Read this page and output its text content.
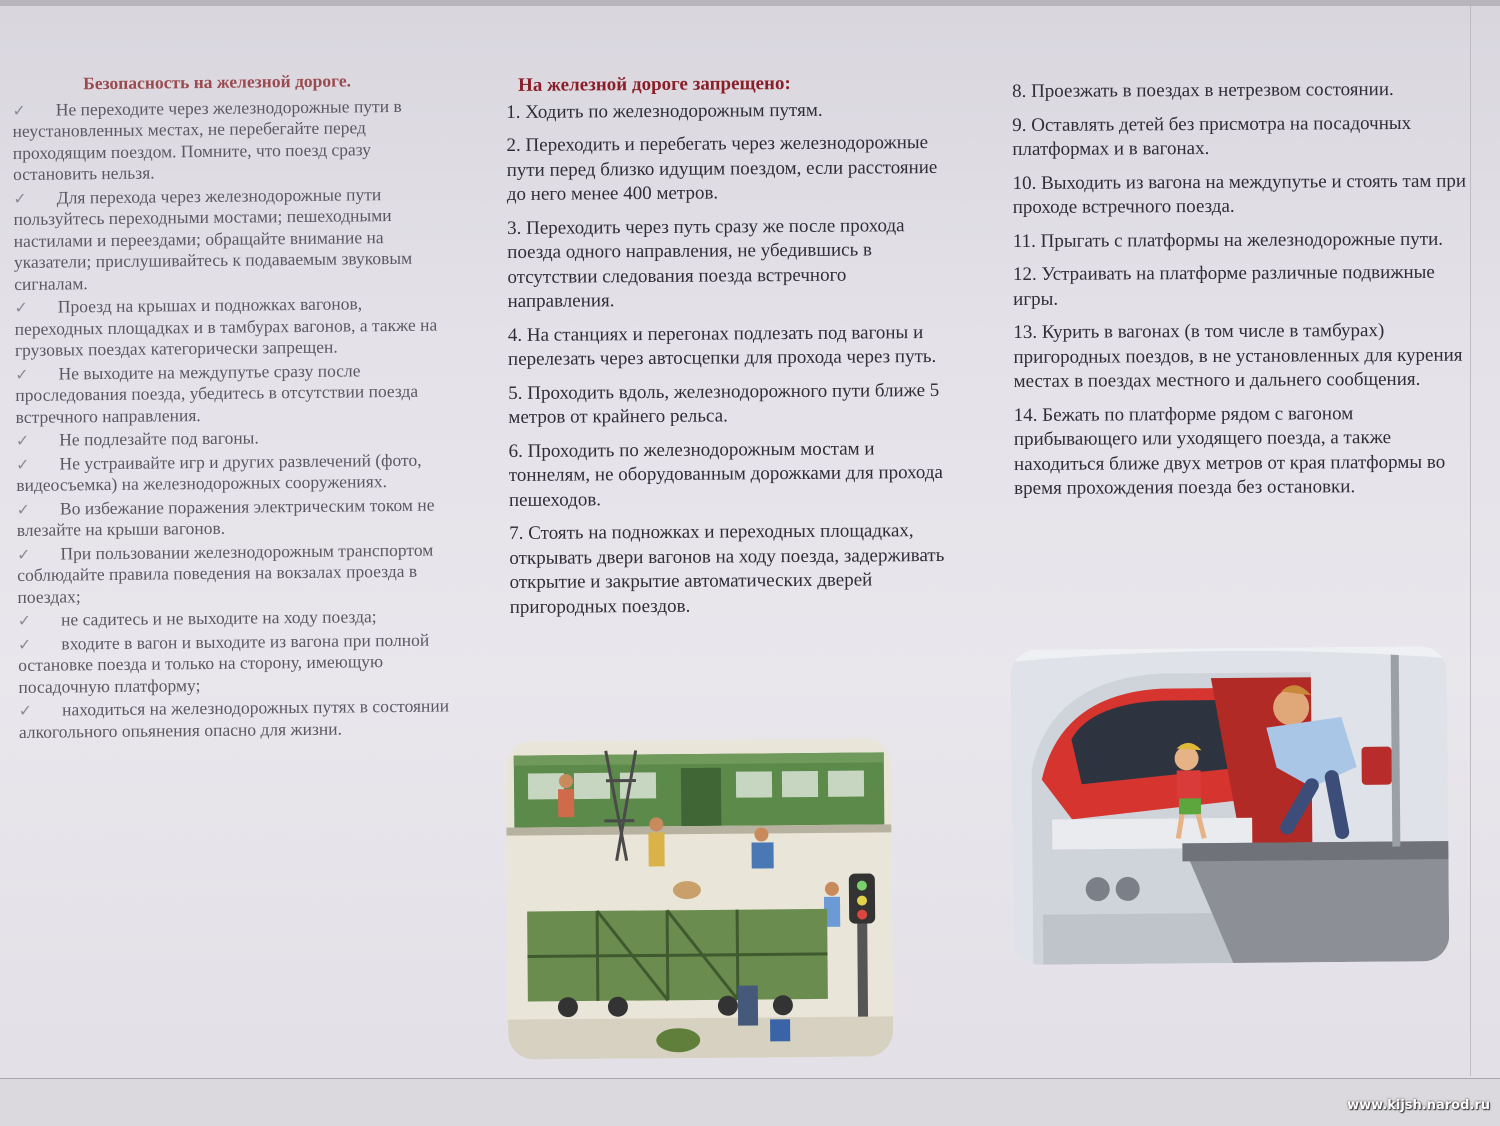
Безопасность на железной дороге.
✓ Не переходите через железнодорожные пути в неустановленных местах, не перебегайте перед проходящим поездом. Помните, что поезд сразу остановить нельзя.
✓ Для перехода через железнодорожные пути пользуйтесь переходными мостами; пешеходными настилами и переездами; обращайте внимание на указатели; прислушивайтесь к подаваемым звуковым сигналам.
✓ Проезд на крышах и подножках вагонов, переходных площадках и в тамбурах вагонов, а также на грузовых поездах категорически запрещен.
✓ Не выходите на междупутье сразу после проследования поезда, убедитесь в отсутствии поезда встречного направления.
✓ Не подлезайте под вагоны.
✓ Не устраивайте игр и других развлечений (фото, видеосъемка) на железнодорожных сооружениях.
✓ Во избежание поражения электрическим током не влезайте на крыши вагонов.
✓ При пользовании железнодорожным транспортом соблюдайте правила поведения на вокзалах проезда в поездах;
✓ не садитесь и не выходите на ходу поезда;
✓ входите в вагон и выходите из вагона при полной остановке поезда и только на сторону, имеющую посадочную платформу;
✓ находиться на железнодорожных путях в состоянии алкогольного опьянения опасно для жизни.
На железной дороге запрещено:
1. Ходить по железнодорожным путям.
2. Переходить и перебегать через железнодорожные пути перед близко идущим поездом, если расстояние до него менее 400 метров.
3. Переходить через путь сразу же после прохода поезда одного направления, не убедившись в отсутствии следования поезда встречного направления.
4. На станциях и перегонах подлезать под вагоны и перелезать через автосцепки для прохода через путь.
5. Проходить вдоль, железнодорожного пути ближе 5 метров от крайнего рельса.
6. Проходить по железнодорожным мостам и тоннелям, не оборудованным дорожками для прохода пешеходов.
7. Стоять на подножках и переходных площадках, открывать двери вагонов на ходу поезда, задерживать открытие и закрытие автоматических дверей пригородных поездов.
8. Проезжать в поездах в нетрезвом состоянии.
9. Оставлять детей без присмотра на посадочных платформах и в вагонах.
10. Выходить из вагона на междупутье и стоять там при проходе встречного поезда.
11. Прыгать с платформы на железнодорожные пути.
12. Устраивать на платформе различные подвижные игры.
13. Курить в вагонах (в том числе в тамбурах) пригородных поездов, в не установленных для курения местах в поездах местного и дальнего сообщения.
14. Бежать по платформе рядом с вагоном прибывающего или уходящего поезда, а также находиться ближе двух метров от края платформы во время прохождения поезда без остановки.
www.kijsh.narod.ru
